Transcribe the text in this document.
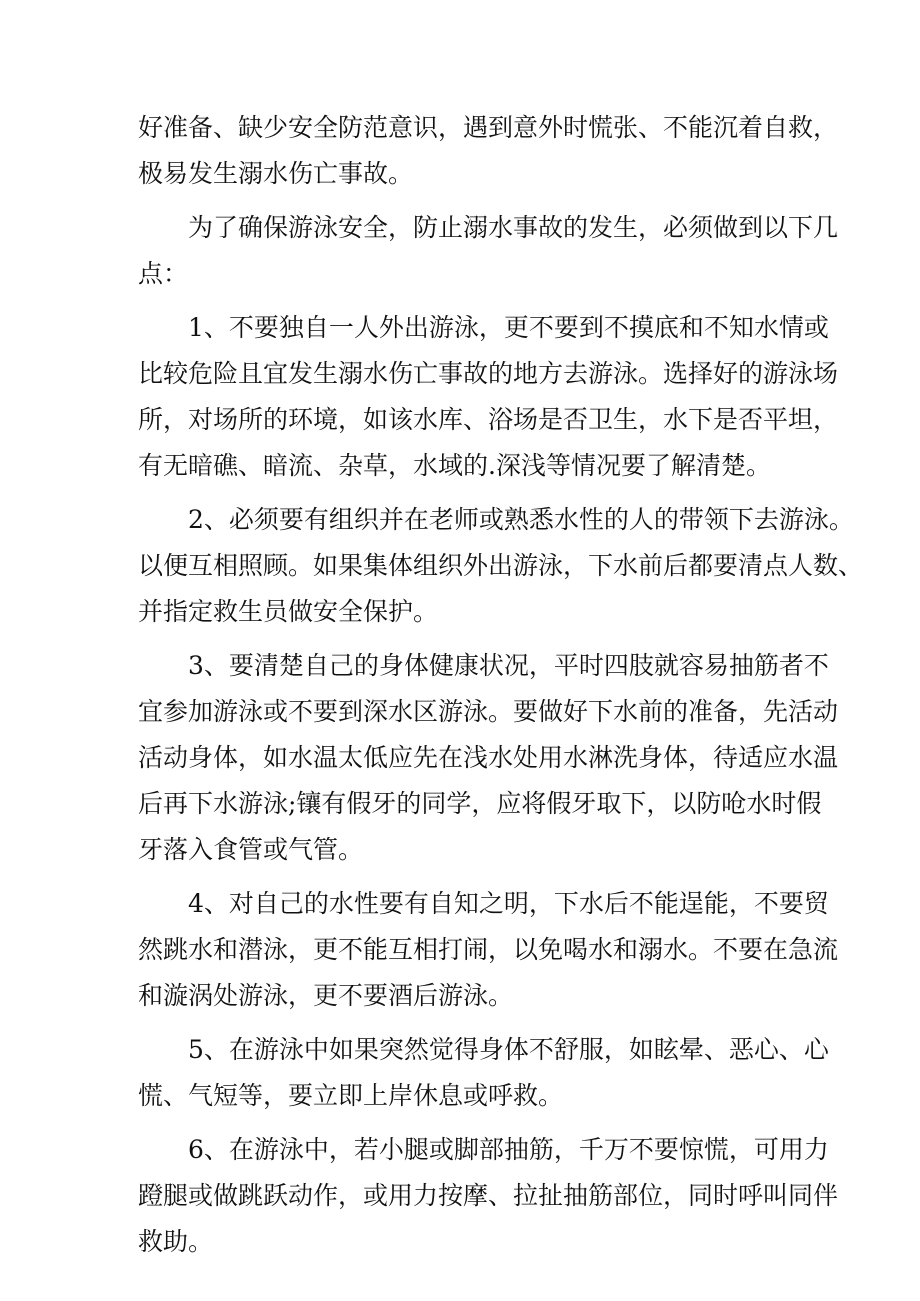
好准备、缺少安全防范意识，遇到意外时慌张、不能沉着自救，
极易发生溺水伤亡事故。

为了确保游泳安全，防止溺水事故的发生，必须做到以下几
点：

1、不要独自一人外出游泳，更不要到不摸底和不知水情或
比较危险且宜发生溺水伤亡事故的地方去游泳。选择好的游泳场
所，对场所的环境，如该水库、浴场是否卫生，水下是否平坦，
有无暗礁、暗流、杂草，水域的.深浅等情况要了解清楚。

2、必须要有组织并在老师或熟悉水性的人的带领下去游泳。
以便互相照顾。如果集体组织外出游泳，下水前后都要清点人数、
并指定救生员做安全保护。

3、要清楚自己的身体健康状况，平时四肢就容易抽筋者不
宜参加游泳或不要到深水区游泳。要做好下水前的准备，先活动
活动身体，如水温太低应先在浅水处用水淋洗身体，待适应水温
后再下水游泳;镶有假牙的同学，应将假牙取下，以防呛水时假
牙落入食管或气管。

4、对自己的水性要有自知之明，下水后不能逞能，不要贸
然跳水和潜泳，更不能互相打闹，以免喝水和溺水。不要在急流
和漩涡处游泳，更不要酒后游泳。

5、在游泳中如果突然觉得身体不舒服，如眩晕、恶心、心
慌、气短等，要立即上岸休息或呼救。

6、在游泳中，若小腿或脚部抽筋，千万不要惊慌，可用力
蹬腿或做跳跃动作，或用力按摩、拉扯抽筋部位，同时呼叫同伴
救助。
